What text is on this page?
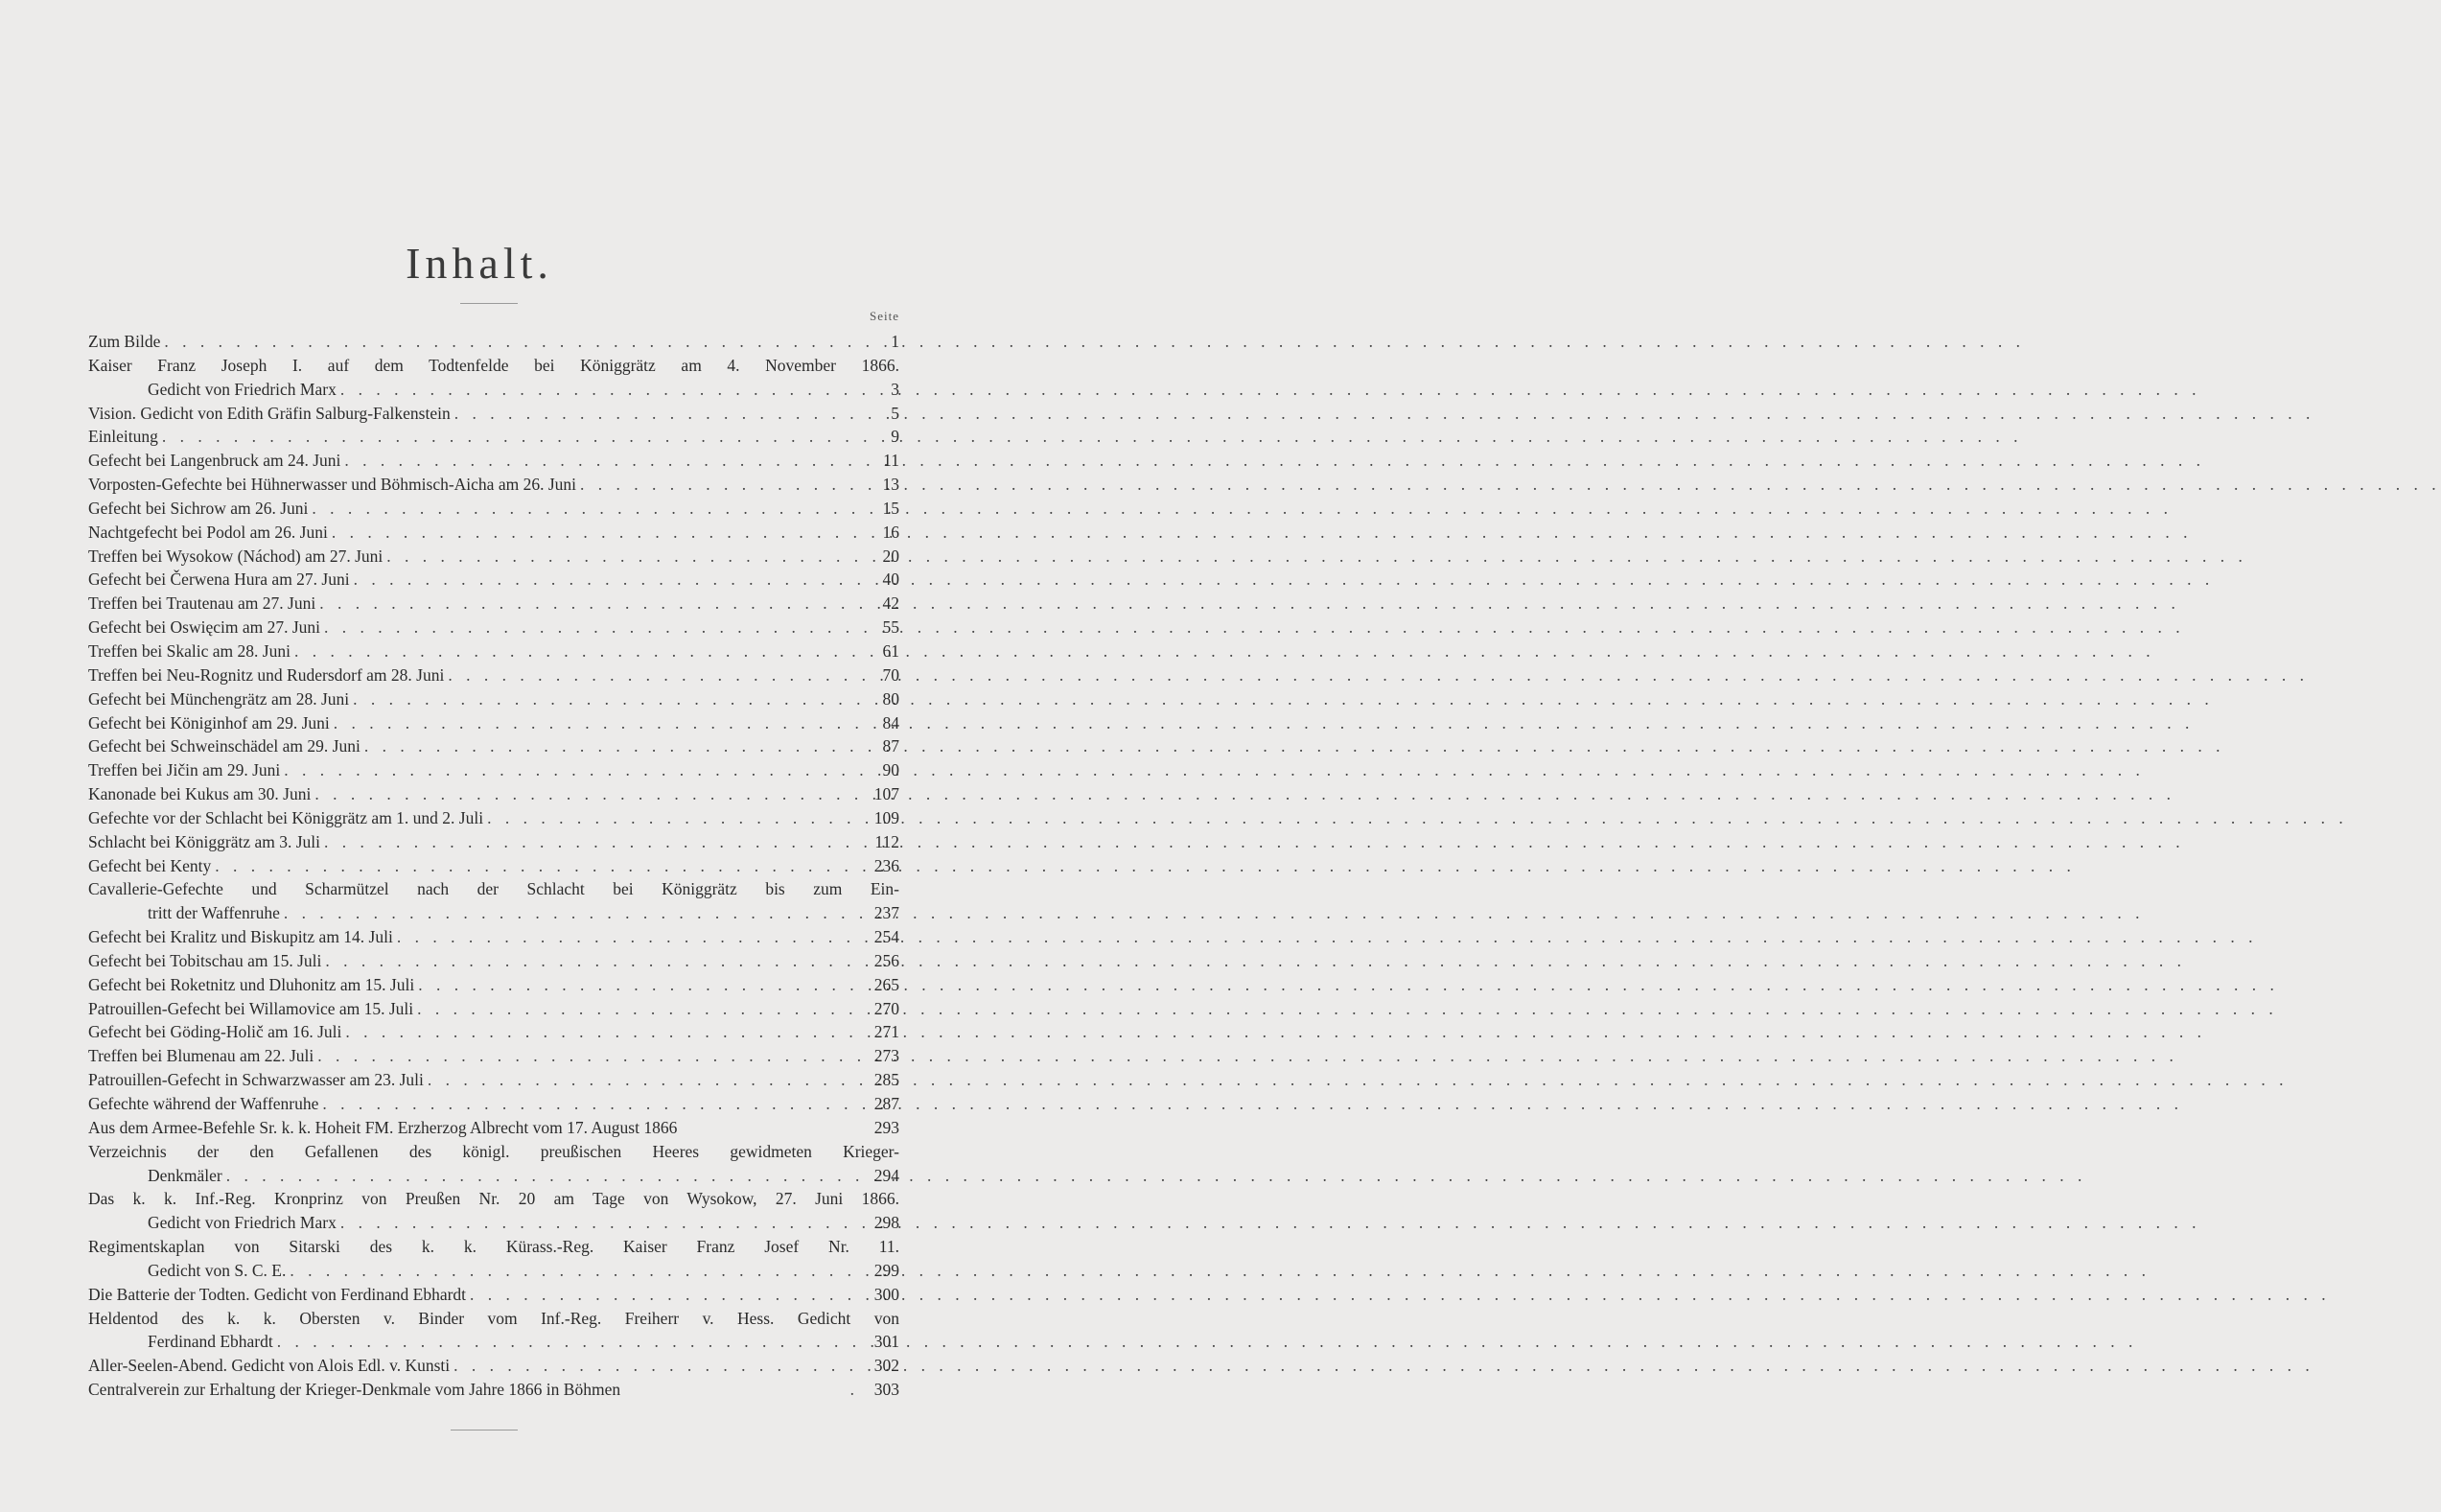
Inhalt.
Seite
Zum Bilde . . .	1
Kaiser Franz Joseph I. auf dem Todtenfelde bei Königgrätz am 4. November 1866.
Gedicht von Friedrich Marx . . .	3
Vision. Gedicht von Edith Gräfin Salburg-Falkenstein . . .	5
Einleitung . . .	9
Gefecht bei Langenbruck am 24. Juni . . .	11
Vorposten-Gefechte bei Hühnerwasser und Böhmisch-Aicha am 26. Juni . . .	13
Gefecht bei Sichrow am 26. Juni . . .	15
Nachtgefecht bei Podol am 26. Juni . . .	16
Treffen bei Wysokow (Náchod) am 27. Juni . . .	20
Gefecht bei Čerwena Hura am 27. Juni . . .	40
Treffen bei Trautenau am 27. Juni . . .	42
Gefecht bei Oswięcim am 27. Juni . . .	55
Treffen bei Skalic am 28. Juni . . .	61
Treffen bei Neu-Rognitz und Rudersdorf am 28. Juni . . .	70
Gefecht bei Münchengrätz am 28. Juni . . .	80
Gefecht bei Königinhof am 29. Juni . . .	84
Gefecht bei Schweinschädel am 29. Juni . . .	87
Treffen bei Jičin am 29. Juni . . .	90
Kanonade bei Kukus am 30. Juni . . .	107
Gefechte vor der Schlacht bei Königgrätz am 1. und 2. Juli . . .	109
Schlacht bei Königgrätz am 3. Juli . . .	112
Gefecht bei Kenty . . .	236
Cavallerie-Gefechte und Scharmützel nach der Schlacht bei Königgrätz bis zum Ein-
tritt der Waffenruhe . . .	237
Gefecht bei Kralitz und Biskupitz am 14. Juli . . .	254
Gefecht bei Tobitschau am 15. Juli . . .	256
Gefecht bei Roketnitz und Dluhonitz am 15. Juli . . .	265
Patrouillen-Gefecht bei Willamovice am 15. Juli . . .	270
Gefecht bei Göding-Holič am 16. Juli . . .	271
Treffen bei Blumenau am 22. Juli . . .	273
Patrouillen-Gefecht in Schwarzwasser am 23. Juli . . .	285
Gefechte während der Waffenruhe . . .	287
Aus dem Armee-Befehle Sr. k. k. Hoheit FM. Erzherzog Albrecht vom 17. August 1866	293
Verzeichnis der den Gefallenen des königl. preußischen Heeres gewidmeten Krieger-
Denkmäler . . .	294
Das k. k. Inf.-Reg. Kronprinz von Preußen Nr. 20 am Tage von Wysokow, 27. Juni 1866.
Gedicht von Friedrich Marx . . .	298
Regimentskaplan von Sitarski des k. k. Kürass.-Reg. Kaiser Franz Josef Nr. 11.
Gedicht von S. C. E. . . .	299
Die Batterie der Todten. Gedicht von Ferdinand Ebhardt . . .	300
Heldentod des k. k. Obersten v. Binder vom Inf.-Reg. Freiherr v. Hess. Gedicht von
Ferdinand Ebhardt . . .	301
Aller-Seelen-Abend. Gedicht von Alois Edl. v. Kunsti . . .	302
Centralverein zur Erhaltung der Krieger-Denkmale vom Jahre 1866 in Böhmen .	303
